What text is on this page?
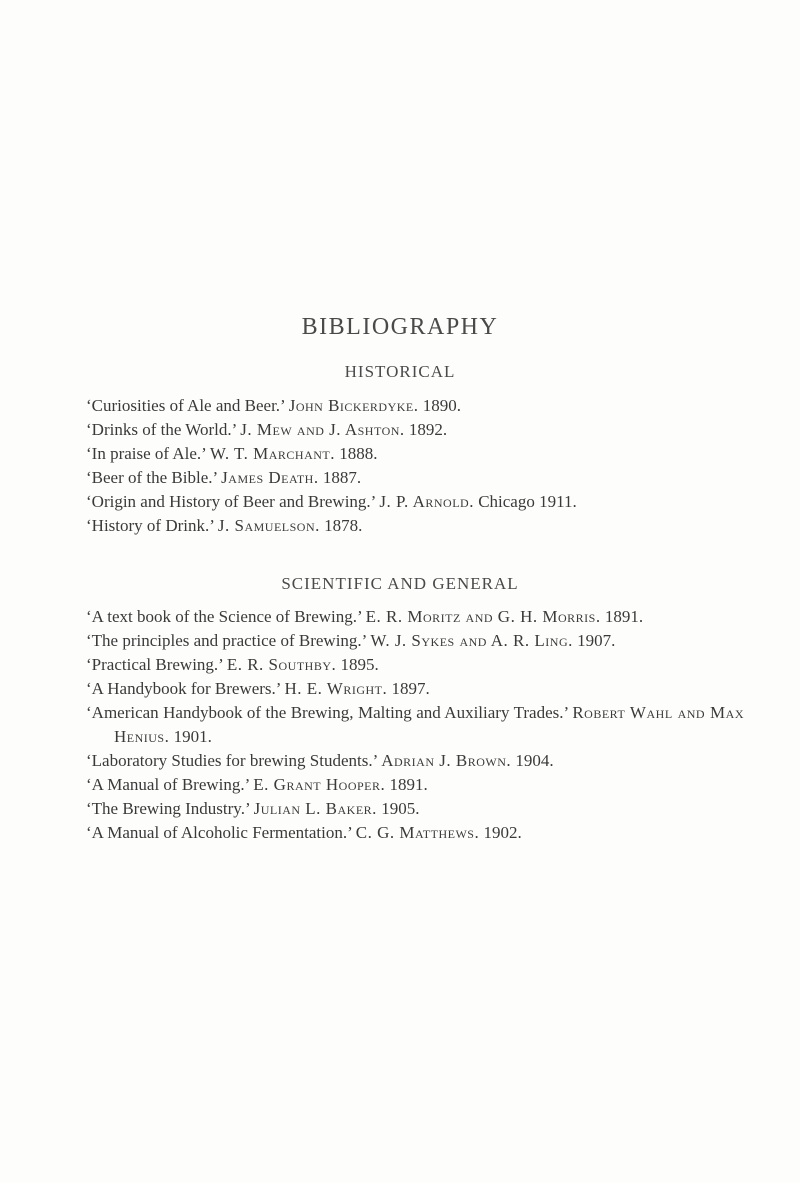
BIBLIOGRAPHY
HISTORICAL
‘Curiosities of Ale and Beer.’ John Bickerdyke. 1890.
‘Drinks of the World.’ J. Mew and J. Ashton. 1892.
‘In praise of Ale.’ W. T. Marchant. 1888.
‘Beer of the Bible.’ James Death. 1887.
‘Origin and History of Beer and Brewing.’ J. P. Arnold. Chicago 1911.
‘History of Drink.’ J. Samuelson. 1878.
SCIENTIFIC AND GENERAL
‘A text book of the Science of Brewing.’ E. R. Moritz and G. H. Morris. 1891.
‘The principles and practice of Brewing.’ W. J. Sykes and A. R. Ling. 1907.
‘Practical Brewing.’ E. R. Southby. 1895.
‘A Handybook for Brewers.’ H. E. Wright. 1897.
‘American Handybook of the Brewing, Malting and Auxiliary Trades.’ Robert Wahl and Max Henius. 1901.
‘Laboratory Studies for brewing Students.’ Adrian J. Brown. 1904.
‘A Manual of Brewing.’ E. Grant Hooper. 1891.
‘The Brewing Industry.’ Julian L. Baker. 1905.
‘A Manual of Alcoholic Fermentation.’ C. G. Matthews. 1902.
